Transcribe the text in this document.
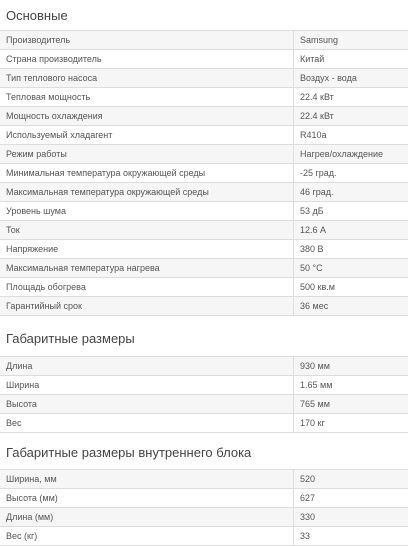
Основные
Производитель	Samsung
Страна производитель	Китай
Тип теплового насоса	Воздух - вода
Тепловая мощность	22.4 кВт
Мощность охлаждения	22.4 кВт
Используемый хладагент	R410a
Режим работы	Нагрев/охлаждение
Минимальная температура окружающей среды	-25 град.
Максимальная температура окружающей среды	46 град.
Уровень шума	53 дБ
Ток	12.6 А
Напряжение	380 В
Максимальная температура нагрева	50 °С
Площадь обогрева	500 кв.м
Гарантийный срок	36 мес
Габаритные размеры
Длина	930 мм
Ширина	1.65 мм
Высота	765 мм
Вес	170 кг
Габаритные размеры внутреннего блока
Ширина, мм	520
Высота (мм)	627
Длина (мм)	330
Вес (кг)	33
